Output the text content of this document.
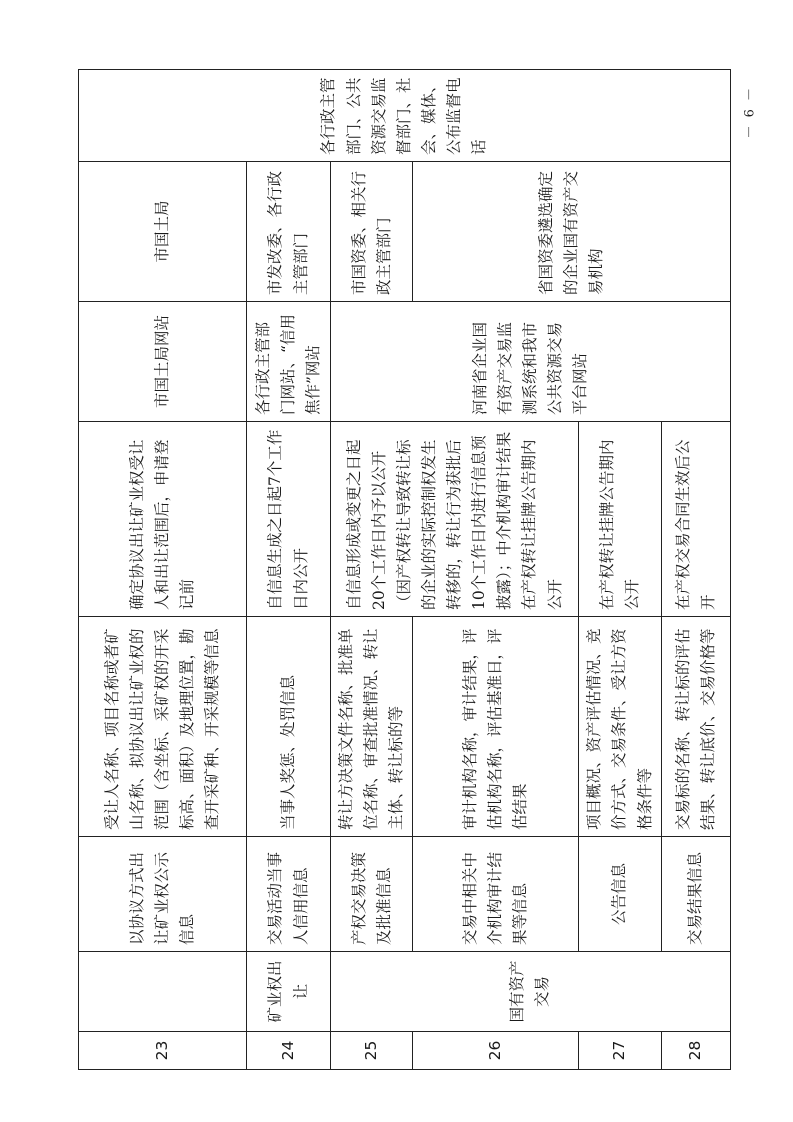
－ 9 －
23		以协议方式出让矿业权公示信息	受让人名称、项目名称或者矿山名称、拟协议出让矿业权的范围（含坐标、采矿权的开采标高、面积）及地理位置，勘查开采矿种、开采规模等信息	确定协议出让矿业权受让人和出让范围后，申请登记前	市国土局网站	市国土局	各行政主管部门、公共资源交易监督部门、社会、媒体、公布监督电话
24	矿业权出让	交易活动当事人信用信息	当事人奖惩、处罚信息	自信息生成之日起7个工作日内公开	各行政主管部门网站、“信用焦作”网站	市发改委、各行政主管部门	
25	国有资产交易	产权交易决策及批准信息	转让方决策文件名称、批准单位名称、审查批准情况、转让主体、转让标的等	自信息形成或变更之日起20个工作日内予以公开（因产权转让导致转让标的企业的实际控制权发生转移的，转让行为获批后10个工作日内进行信息预披露）；中介机构审计结果在产权转让挂牌公告期内公开	河南省企业国有资产交易监测系统和我市公共资源交易平台网站	市国资委、相关行政主管部门	
26		交易中相关中介机构审计结果等信息	审计机构名称，审计结果，评估机构名称，评估基准日，评估结果			省国资委遴选确定的企业国有资产交易机构	
27		公告信息	项目概况、资产评估情况、竞价方式、交易条件、受让方资格条件等	在产权转让挂牌公告期内公开			
28		交易结果信息	交易标的名称、转让标的评估结果、转让底价、交易价格等	在产权交易合同生效后公开			
